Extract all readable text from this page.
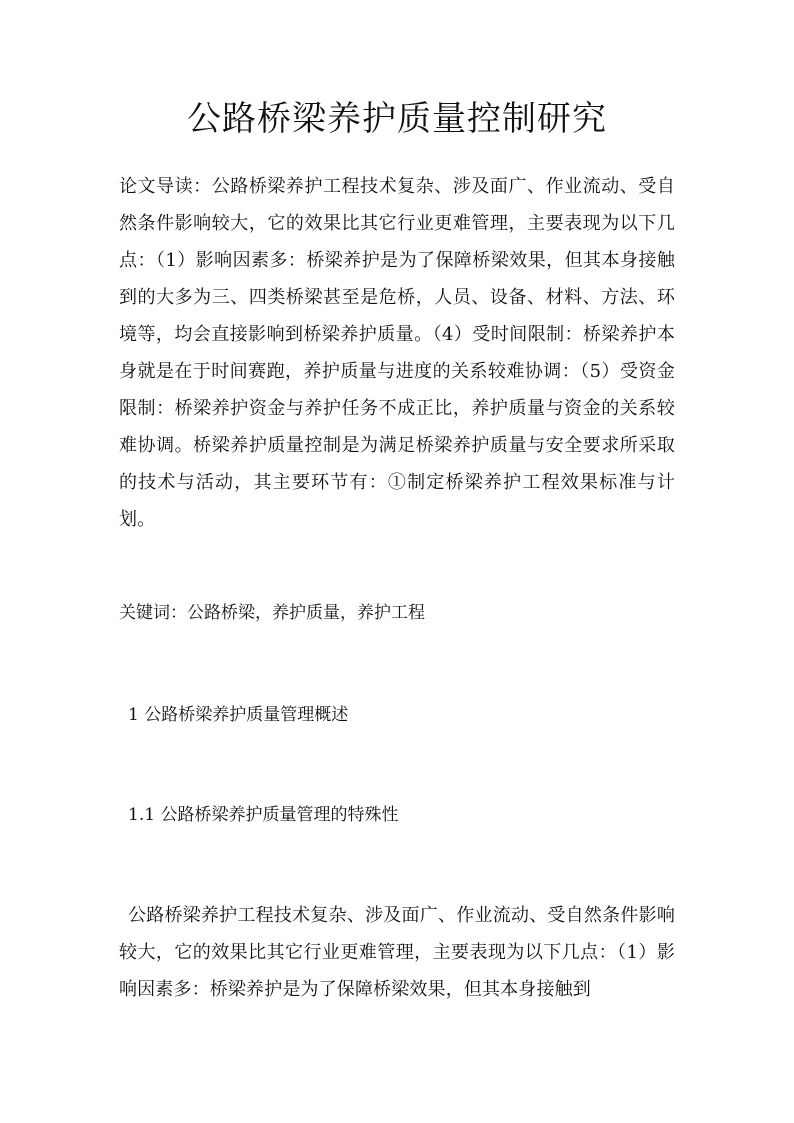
公路桥梁养护质量控制研究

论文导读：公路桥梁养护工程技术复杂、涉及面广、作业流动、受自然条件影响较大，它的效果比其它行业更难管理，主要表现为以下几点：（1）影响因素多：桥梁养护是为了保障桥梁效果，但其本身接触到的大多为三、四类桥梁甚至是危桥，人员、设备、材料、方法、环境等，均会直接影响到桥梁养护质量。（4）受时间限制：桥梁养护本身就是在于时间赛跑，养护质量与进度的关系较难协调：（5）受资金限制：桥梁养护资金与养护任务不成正比，养护质量与资金的关系较难协调。桥梁养护质量控制是为满足桥梁养护质量与安全要求所采取的技术与活动，其主要环节有：①制定桥梁养护工程效果标准与计划。

关键词：公路桥梁，养护质量，养护工程

1 公路桥梁养护质量管理概述
1.1 公路桥梁养护质量管理的特殊性

公路桥梁养护工程技术复杂、涉及面广、作业流动、受自然条件影响较大，它的效果比其它行业更难管理，主要表现为以下几点：（1）影响因素多：桥梁养护是为了保障桥梁效果，但其本身接触到
